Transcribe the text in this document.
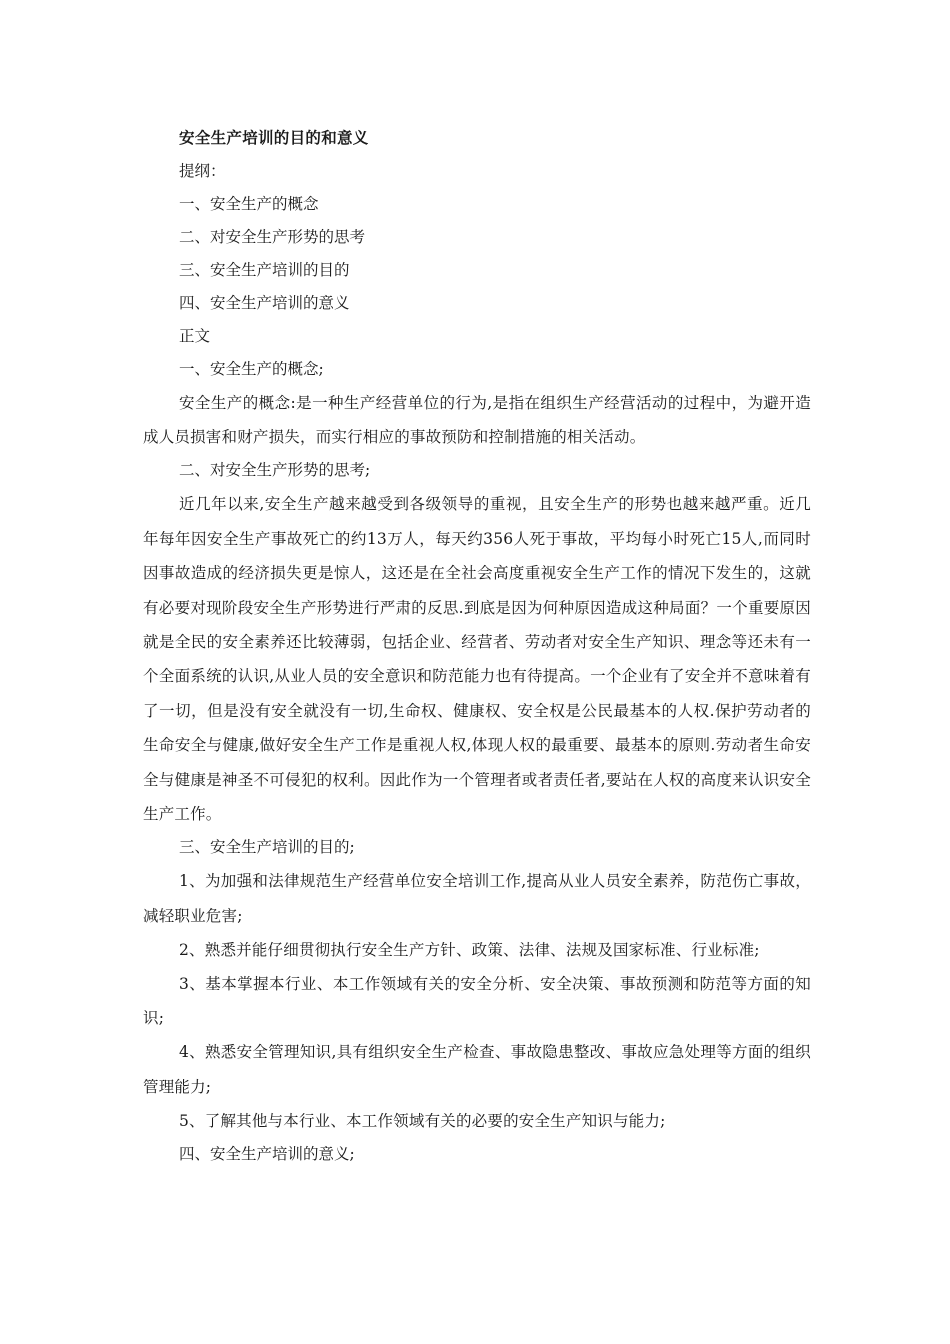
安全生产培训的目的和意义

提纲：

一、安全生产的概念

二、对安全生产形势的思考

三、安全生产培训的目的

四、安全生产培训的意义

正文

一、安全生产的概念;

安全生产的概念:是一种生产经营单位的行为,是指在组织生产经营活动的过程中，为避开造成人员损害和财产损失，而实行相应的事故预防和控制措施的相关活动。

二、对安全生产形势的思考;

近几年以来,安全生产越来越受到各级领导的重视，且安全生产的形势也越来越严重。近几年每年因安全生产事故死亡的约13万人，每天约356人死于事故，平均每小时死亡15人,而同时因事故造成的经济损失更是惊人，这还是在全社会高度重视安全生产工作的情况下发生的，这就有必要对现阶段安全生产形势进行严肃的反思.到底是因为何种原因造成这种局面？一个重要原因就是全民的安全素养还比较薄弱，包括企业、经营者、劳动者对安全生产知识、理念等还未有一个全面系统的认识,从业人员的安全意识和防范能力也有待提高。一个企业有了安全并不意味着有了一切，但是没有安全就没有一切,生命权、健康权、安全权是公民最基本的人权.保护劳动者的生命安全与健康,做好安全生产工作是重视人权,体现人权的最重要、最基本的原则.劳动者生命安全与健康是神圣不可侵犯的权利。因此作为一个管理者或者责任者,要站在人权的高度来认识安全生产工作。

三、安全生产培训的目的;

1、为加强和法律规范生产经营单位安全培训工作,提高从业人员安全素养，防范伤亡事故，减轻职业危害;

2、熟悉并能仔细贯彻执行安全生产方针、政策、法律、法规及国家标准、行业标准;

3、基本掌握本行业、本工作领域有关的安全分析、安全决策、事故预测和防范等方面的知识;

4、熟悉安全管理知识,具有组织安全生产检查、事故隐患整改、事故应急处理等方面的组织管理能力;

5、了解其他与本行业、本工作领域有关的必要的安全生产知识与能力;

四、安全生产培训的意义;
